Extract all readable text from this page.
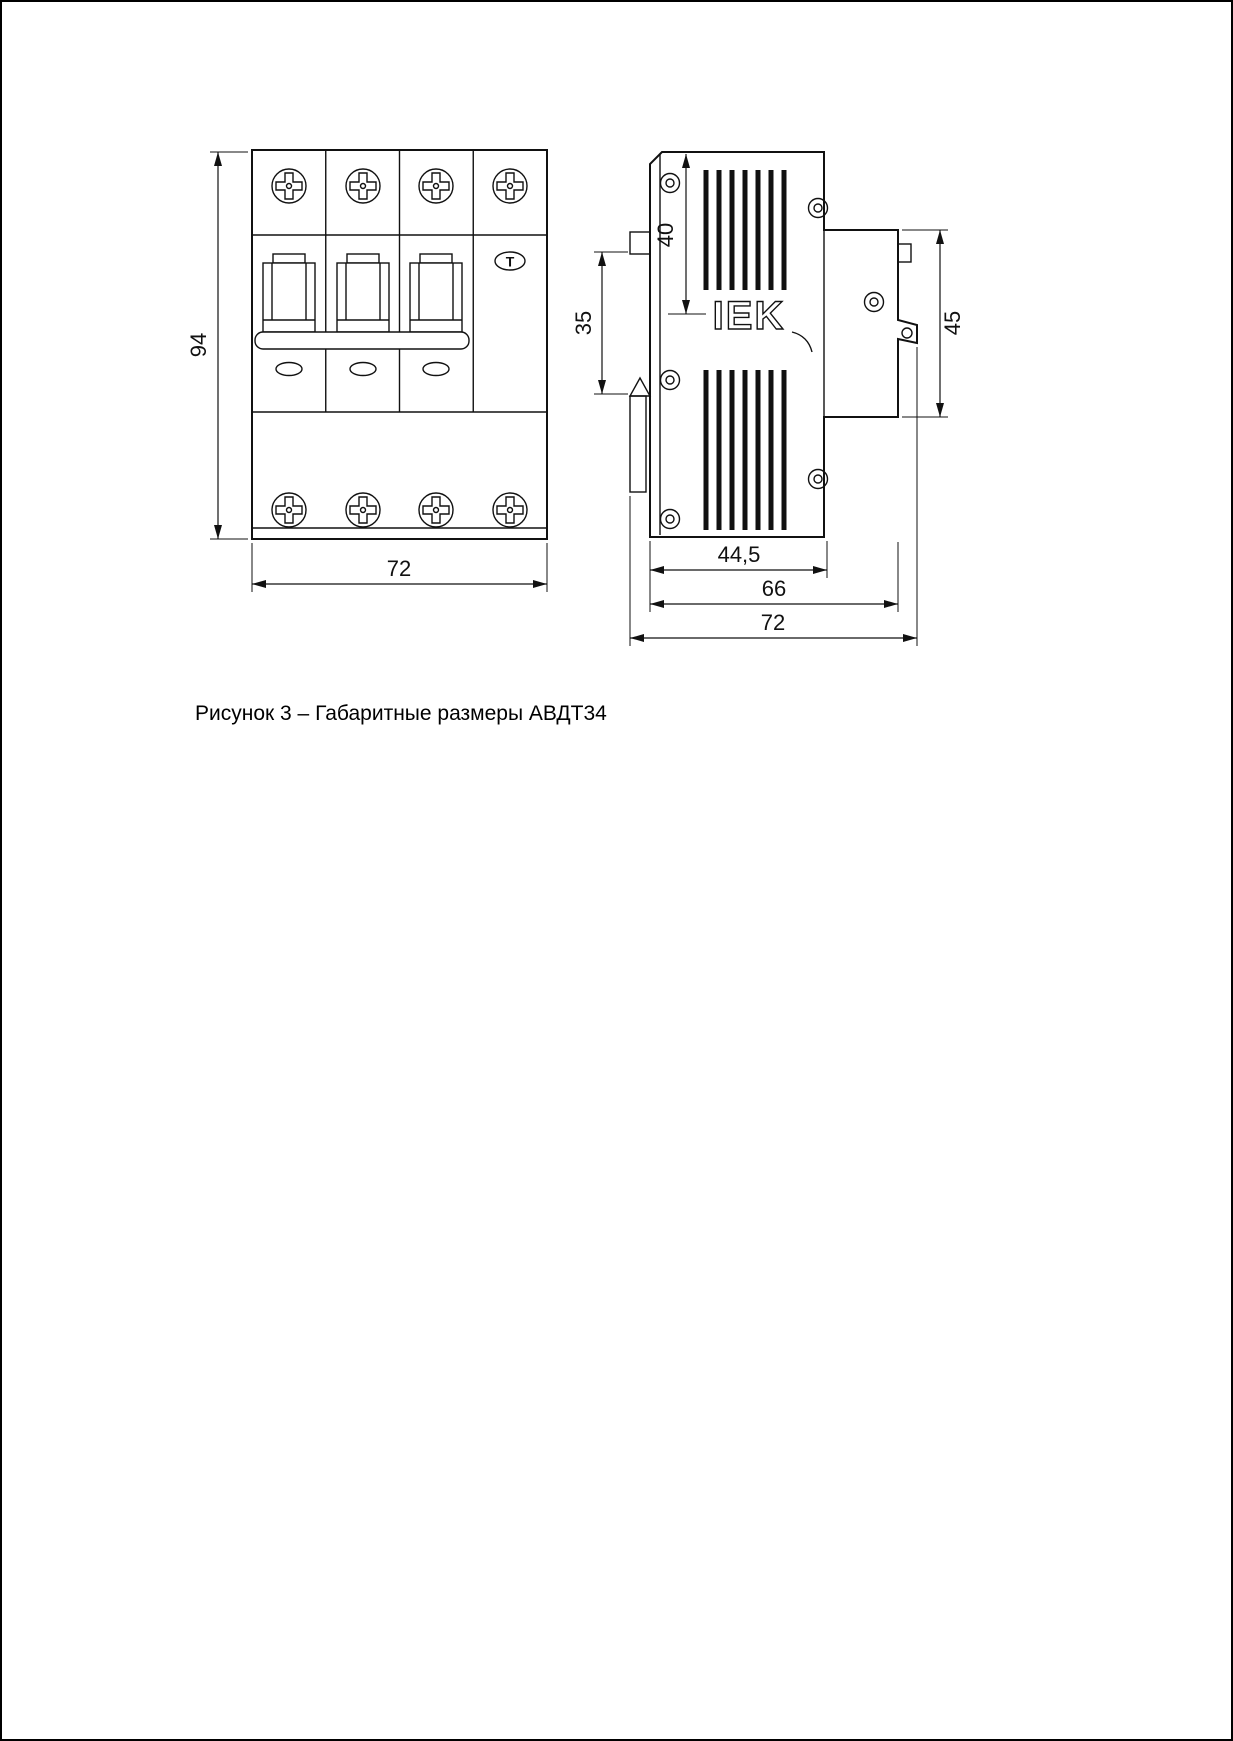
T
94
72
IEK
40
35	45
44,5
66
72
Рисунок 3 – Габаритные размеры АВДТ34
